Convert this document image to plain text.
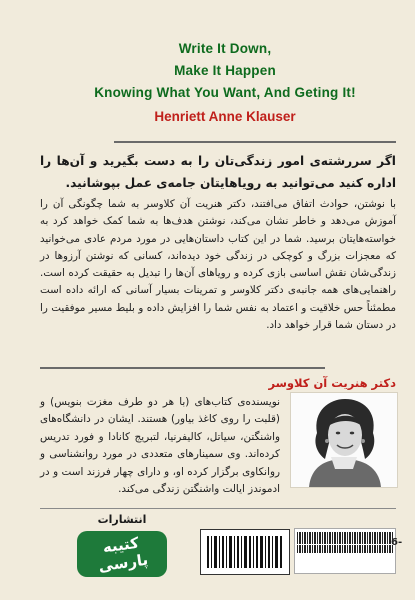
Write It Down,
Make It Happen
Knowing What You Want, And Geting It!
Henriett Anne Klauser
اگر سررشته‌ی امور زندگی‌تان را به دست بگیرید و آن‌ها را اداره کنید می‌توانید به رویاهایتان جامه‌ی عمل بپوشانید.
با نوشتن، حوادث اتفاق می‌افتند، دکتر هنریت آن کلاوسر به شما چگونگی آن را آموزش می‌دهد و خاطر نشان می‌کند، نوشتن هدف‌ها به شما کمک خواهد کرد به خواسته‌هایتان برسید. شما در این کتاب داستان‌هایی در مورد مردم عادی می‌خوانید که معجزات بزرگ و کوچکی در زندگی خود دیده‌اند، کسانی که نوشتن آرزوها در زندگی‌شان نقش اساسی بازی کرده و رویاهای آن‌ها را تبدیل به حقیقت کرده است. راهنمایی‌های همه جانبه‌ی دکتر کلاوسر و تمرینات بسیار آسانی که ارائه داده است مطمئناً حس خلاقیت و اعتماد به نفس شما را افزایش داده و بلیط مسیر موفقیت را در دستان شما قرار خواهد داد.
دکتر هنریت آن کلاوسر
نویسنده‌ی کتاب‌های (با هر دو طرف مغزت بنویس) و (قلبت را روی کاغذ بیاور) هستند. ایشان در دانشگاه‌های واشنگتن، سیاتل، کالیفرنیا، لتبریج کانادا و فورد تدریس کرده‌اند. وی سمینارهای متعددی در مورد روانشناسی و روانکاوی برگزار کرده او، و دارای چهار فرزند است و در ادموندز ایالت واشنگتن زندگی می‌کند.
انتشارات
کتیبه پارسی
6-
